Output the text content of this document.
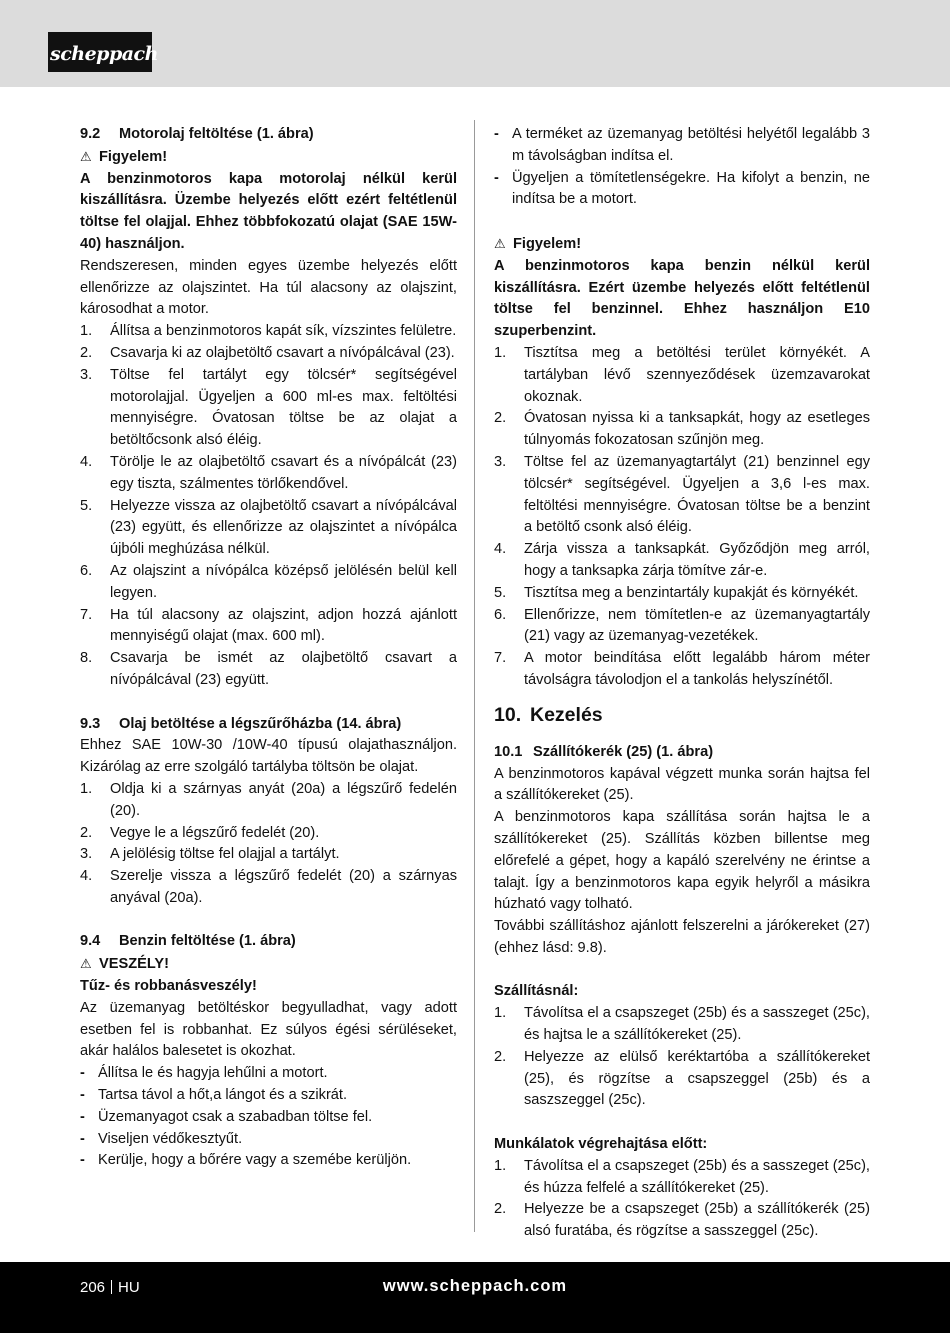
scheppach
9.2	Motorolaj feltöltése (1. ábra)

⚠ Figyelem!

A benzinmotoros kapa motorolaj nélkül kerül kiszállításra. Üzembe helyezés előtt ezért feltétlenül töltse fel olajjal. Ehhez többfokozatú olajat (SAE 15W-40) használjon.

Rendszeresen, minden egyes üzembe helyezés előtt ellenőrizze az olajszintet. Ha túl alacsony az olajszint, károsodhat a motor.

1.	Állítsa a benzinmotoros kapát sík, vízszintes felületre.
2.	Csavarja ki az olajbetöltő csavart a nívópálcával (23).
3.	Töltse fel tartályt egy tölcsér* segítségével motorolajjal. Ügyeljen a 600 ml-es max. feltöltési mennyiségre. Óvatosan töltse be az olajat a betöltőcsonk alsó éléig.
4.	Törölje le az olajbetöltő csavart és a nívópálcát (23) egy tiszta, szálmentes törlőkendővel.
5.	Helyezze vissza az olajbetöltő csavart a nívópálcával (23) együtt, és ellenőrizze az olajszintet a nívópálca újbóli meghúzása nélkül.
6.	Az olajszint a nívópálca középső jelölésén belül kell legyen.
7.	Ha túl alacsony az olajszint, adjon hozzá ajánlott mennyiségű olajat (max. 600 ml).
8.	Csavarja be ismét az olajbetöltő csavart a nívópálcával (23) együtt.
9.3	Olaj betöltése a légszűrőházba (14. ábra)

Ehhez SAE 10W-30 /10W-40 típusú olajathasználjon. Kizárólag az erre szolgáló tartályba töltsön be olajat.

1.	Oldja ki a szárnyas anyát (20a) a légszűrő fedelén (20).
2.	Vegye le a légszűrő fedelét (20).
3.	A jelölésig töltse fel olajjal a tartályt.
4.	Szerelje vissza a légszűrő fedelét (20) a szárnyas anyával (20a).
9.4	Benzin feltöltése (1. ábra)

⚠ VESZÉLY!

Tűz- és robbanásveszély!

Az üzemanyag betöltéskor begyulladhat, vagy adott esetben fel is robbanhat. Ez súlyos égési sérüléseket, akár halálos balesetet is okozhat.

- Állítsa le és hagyja lehűlni a motort.
- Tartsa távol a hőt,a lángot és a szikrát.
- Üzemanyagot csak a szabadban töltse fel.
- Viseljen védőkesztyűt.
- Kerülje, hogy a bőrére vagy a szemébe kerüljön.
- A terméket az üzemanyag betöltési helyétől legalább 3 m távolságban indítsa el.
- Ügyeljen a tömítetlenségekre. Ha kifolyt a benzin, ne indítsa be a motort.

⚠ Figyelem!

A benzinmotoros kapa benzin nélkül kerül kiszállításra. Ezért üzembe helyezés előtt feltétlenül töltse fel benzinnel. Ehhez használjon E10 szuperbenzint.

1.	Tisztítsa meg a betöltési terület környékét. A tartályban lévő szennyeződések üzemzavarokat okoznak.
2.	Óvatosan nyissa ki a tanksapkát, hogy az esetleges túlnyomás fokozatosan szűnjön meg.
3.	Töltse fel az üzemanyagtartályt (21) benzinnel egy tölcsér* segítségével. Ügyeljen a 3,6 l-es max. feltöltési mennyiségre. Óvatosan töltse be a benzint a betöltő csonk alsó éléig.
4.	Zárja vissza a tanksapkát. Győződjön meg arról, hogy a tanksapka zárja tömítve zár-e.
5.	Tisztítsa meg a benzintartály kupakját és környékét.
6.	Ellenőrizze, nem tömítetlen-e az üzemanyagtartály (21) vagy az üzemanyag-vezetékek.
7.	A motor beindítása előtt legalább három méter távolságra távolodjon el a tankolás helyszínétől.
10. Kezelés
10.1 Szállítókerék (25) (1. ábra)

A benzinmotoros kapával végzett munka során hajtsa fel a szállítókereket (25).

A benzinmotoros kapa szállítása során hajtsa le a szállítókereket (25). Szállítás közben billentse meg előrefelé a gépet, hogy a kapáló szerelvény ne érintse a talajt. Így a benzinmotoros kapa egyik helyről a másikra húzható vagy tolható.

További szállításhoz ajánlott felszerelni a járókereket (27) (ehhez lásd: 9.8).

Szállításnál:

1.	Távolítsa el a csapszeget (25b) és a sasszeget (25c), és hajtsa le a szállítókereket (25).
2.	Helyezze az elülső keréktartóba a szállítókereket (25), és rögzítse a csapszeggel (25b) és a saszszeggel (25c).

Munkálatok végrehajtása előtt:

1.	Távolítsa el a csapszeget (25b) és a sasszeget (25c), és húzza felfelé a szállítókereket (25).
2.	Helyezze be a csapszeget (25b) a szállítókerék (25) alsó furatába, és rögzítse a sasszeggel (25c).
206 HU	www.scheppach.com
